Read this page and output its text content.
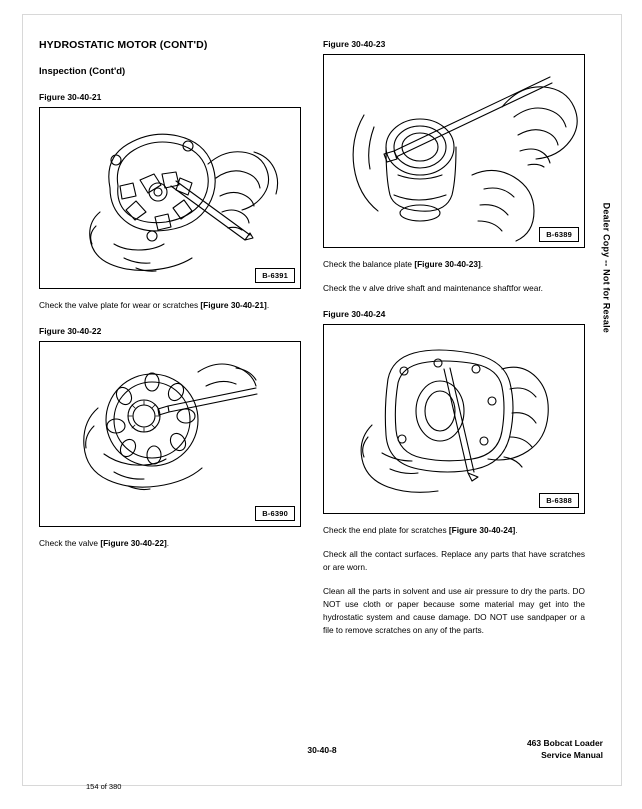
HYDROSTATIC MOTOR (CONT'D)
Inspection (Cont'd)
Figure 30-40-21
B-6391

Check the valve plate for wear or scratches [Figure 30-40-21].

Figure 30-40-22
B-6390

Check the valve [Figure 30-40-22].

Figure 30-40-23
B-6389

Check the balance plate [Figure 30-40-23].

Check the v alve drive shaft and maintenance shaftfor wear.

Figure 30-40-24
B-6388

Check the end plate for scratches [Figure 30-40-24].

Check all the contact surfaces. Replace any parts that have scratches or are worn.

Clean all the parts in solvent and use air pressure to dry the parts. DO NOT use cloth or paper because some material may get into the hydrostatic system and cause damage. DO NOT use sandpaper or a file to remove scratches on any of the parts.

Dealer Copy -- Not for Resale
30-40-8
463 Bobcat Loader
Service Manual
154 of 380
